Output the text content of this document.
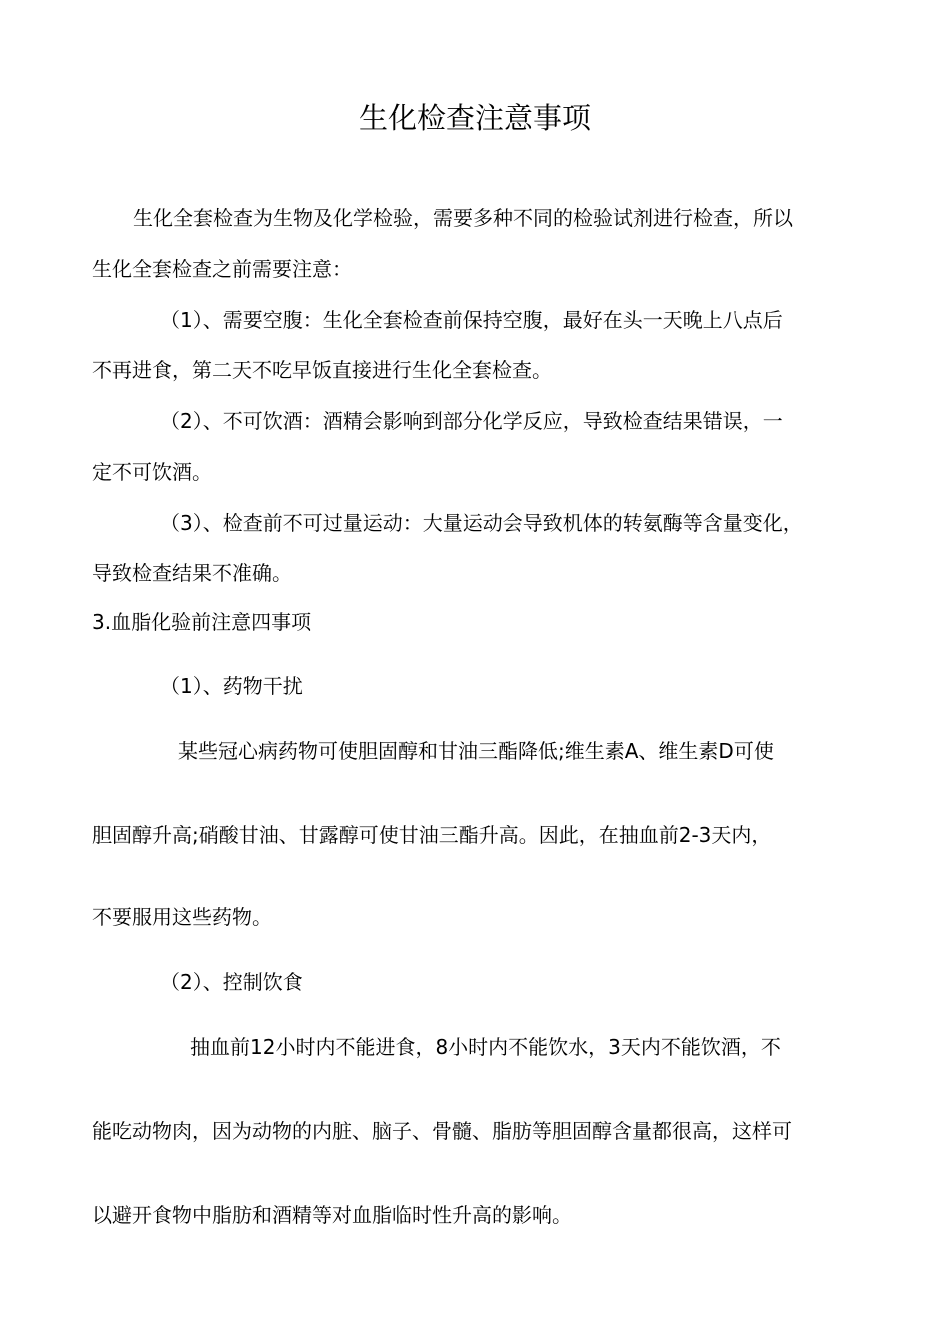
生化检查注意事项
生化全套检查为生物及化学检验，需要多种不同的检验试剂进行检查，所以
生化全套检查之前需要注意：
（1）、需要空腹：生化全套检查前保持空腹，最好在头一天晚上八点后
不再进食，第二天不吃早饭直接进行生化全套检查。
（2）、不可饮酒：酒精会影响到部分化学反应，导致检查结果错误，一
定不可饮酒。
（3）、检查前不可过量运动：大量运动会导致机体的转氨酶等含量变化，
导致检查结果不准确。
3.血脂化验前注意四事项
（1）、药物干扰
某些冠心病药物可使胆固醇和甘油三酯降低;维生素A、维生素D可使
胆固醇升高;硝酸甘油、甘露醇可使甘油三酯升高。因此，在抽血前2-3天内，
不要服用这些药物。
（2）、控制饮食
抽血前12小时内不能进食，8小时内不能饮水，3天内不能饮酒，不
能吃动物肉，因为动物的内脏、脑子、骨髓、脂肪等胆固醇含量都很高，这样可
以避开食物中脂肪和酒精等对血脂临时性升高的影响。
